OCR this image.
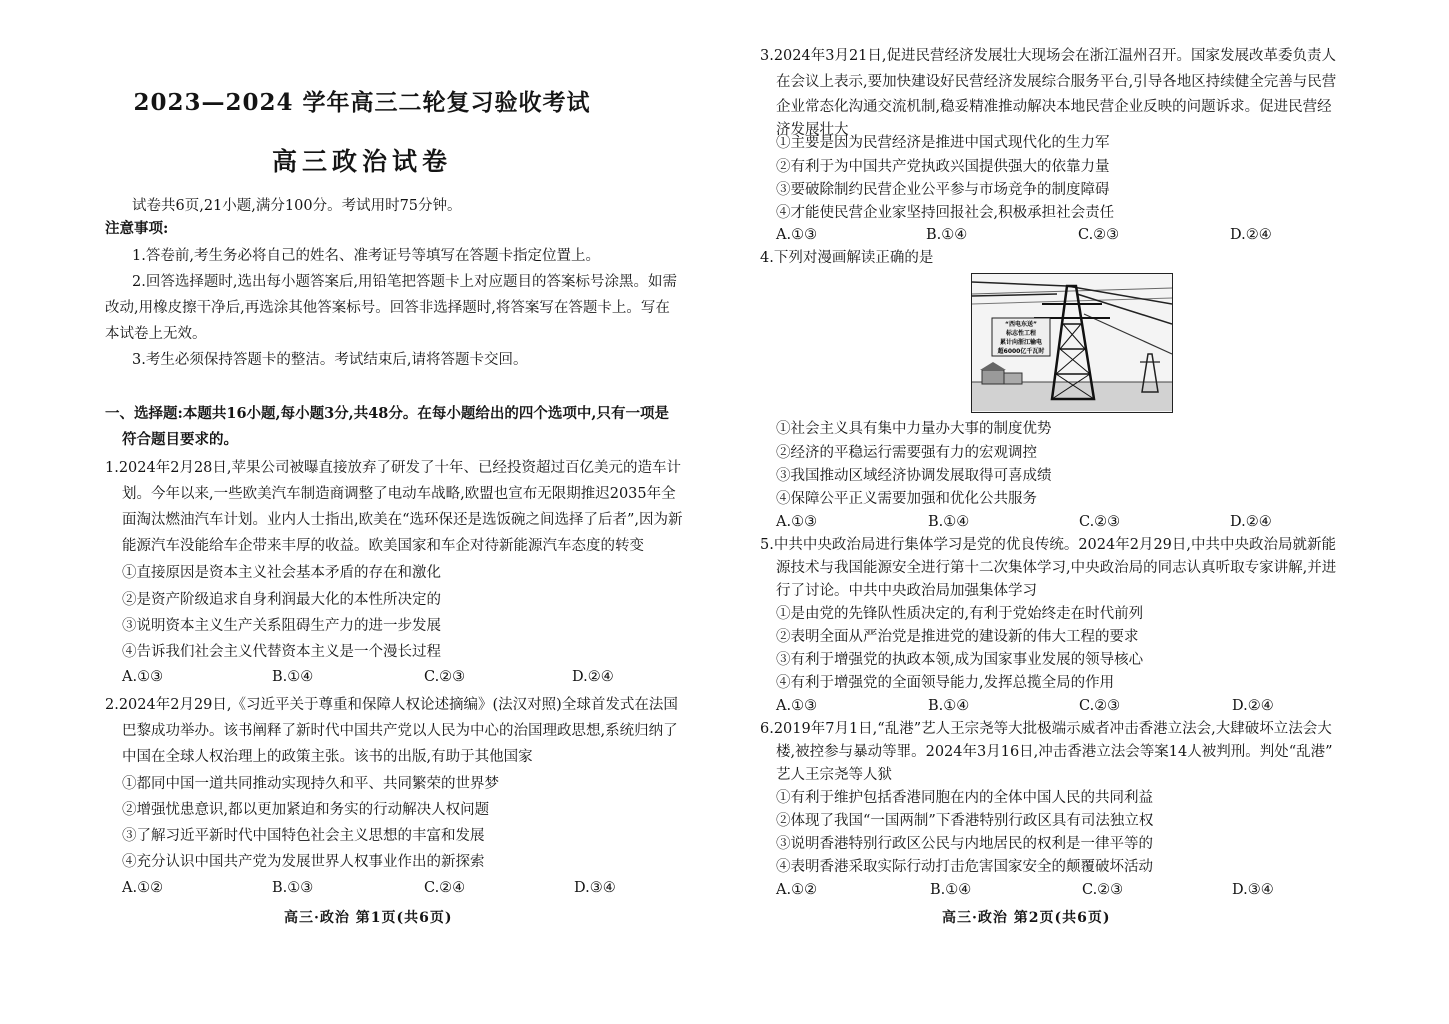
2023—2024 学年高三二轮复习验收考试
高三政治试卷
试卷共6页,21小题,满分100分。考试用时75分钟。
注意事项:
1.答卷前,考生务必将自己的姓名、准考证号等填写在答题卡指定位置上。
2.回答选择题时,选出每小题答案后,用铅笔把答题卡上对应题目的答案标号涂黑。如需
改动,用橡皮擦干净后,再选涂其他答案标号。回答非选择题时,将答案写在答题卡上。写在
本试卷上无效。
3.考生必须保持答题卡的整洁。考试结束后,请将答题卡交回。
一、选择题:本题共16小题,每小题3分,共48分。在每小题给出的四个选项中,只有一项是
符合题目要求的。
1.2024年2月28日,苹果公司被曝直接放弃了研发了十年、已经投资超过百亿美元的造车计
划。今年以来,一些欧美汽车制造商调整了电动车战略,欧盟也宣布无限期推迟2035年全
面淘汰燃油汽车计划。业内人士指出,欧美在“选环保还是选饭碗之间选择了后者”,因为新
能源汽车没能给车企带来丰厚的收益。欧美国家和车企对待新能源汽车态度的转变
①直接原因是资本主义社会基本矛盾的存在和激化
②是资产阶级追求自身利润最大化的本性所决定的
③说明资本主义生产关系阻碍生产力的进一步发展
④告诉我们社会主义代替资本主义是一个漫长过程
A.①③	B.①④	C.②③	D.②④
2.2024年2月29日,《习近平关于尊重和保障人权论述摘编》(法汉对照)全球首发式在法国
巴黎成功举办。该书阐释了新时代中国共产党以人民为中心的治国理政思想,系统归纳了
中国在全球人权治理上的政策主张。该书的出版,有助于其他国家
①都同中国一道共同推动实现持久和平、共同繁荣的世界梦
②增强忧患意识,都以更加紧迫和务实的行动解决人权问题
③了解习近平新时代中国特色社会主义思想的丰富和发展
④充分认识中国共产党为发展世界人权事业作出的新探索
A.①②	B.①③	C.②④	D.③④
高三·政治 第1页(共6页)
3.2024年3月21日,促进民营经济发展壮大现场会在浙江温州召开。国家发展改革委负责人
在会议上表示,要加快建设好民营经济发展综合服务平台,引导各地区持续健全完善与民营
企业常态化沟通交流机制,稳妥精准推动解决本地民营企业反映的问题诉求。促进民营经
济发展壮大
①主要是因为民营经济是推进中国式现代化的生力军
②有利于为中国共产党执政兴国提供强大的依靠力量
③要破除制约民营企业公平参与市场竞争的制度障碍
④才能使民营企业家坚持回报社会,积极承担社会责任
A.①③	B.①④	C.②③	D.②④
4.下列对漫画解读正确的是
“西电东送”
标志性工程
累计向浙江输电
超6000亿千瓦时
①社会主义具有集中力量办大事的制度优势
②经济的平稳运行需要强有力的宏观调控
③我国推动区域经济协调发展取得可喜成绩
④保障公平正义需要加强和优化公共服务
A.①③	B.①④	C.②③	D.②④
5.中共中央政治局进行集体学习是党的优良传统。2024年2月29日,中共中央政治局就新能
源技术与我国能源安全进行第十二次集体学习,中央政治局的同志认真听取专家讲解,并进
行了讨论。中共中央政治局加强集体学习
①是由党的先锋队性质决定的,有利于党始终走在时代前列
②表明全面从严治党是推进党的建设新的伟大工程的要求
③有利于增强党的执政本领,成为国家事业发展的领导核心
④有利于增强党的全面领导能力,发挥总揽全局的作用
A.①③	B.①④	C.②③	D.②④
6.2019年7月1日,“乱港”艺人王宗尧等大批极端示威者冲击香港立法会,大肆破坏立法会大
楼,被控参与暴动等罪。2024年3月16日,冲击香港立法会等案14人被判刑。判处“乱港”
艺人王宗尧等人狱
①有利于维护包括香港同胞在内的全体中国人民的共同利益
②体现了我国“一国两制”下香港特别行政区具有司法独立权
③说明香港特别行政区公民与内地居民的权利是一律平等的
④表明香港采取实际行动打击危害国家安全的颠覆破坏活动
A.①②	B.①④	C.②③	D.③④
高三·政治 第2页(共6页)
